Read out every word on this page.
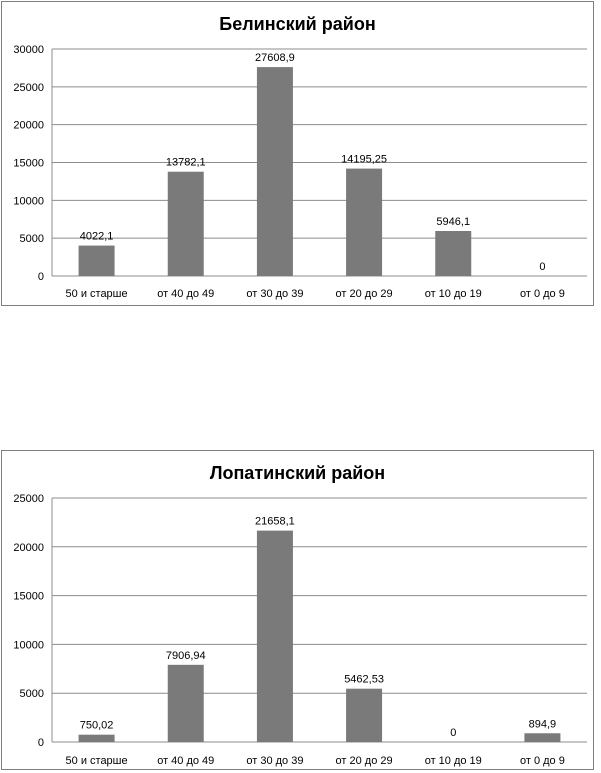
Белинский район
0
5000
10000
15000
20000
25000
30000
4022,1
50 и старше
13782,1
от 40 до 49
27608,9
от 30 до 39
14195,25
от 20 до 29
5946,1
от 10 до 19
0
от 0 до 9
Лопатинский район
0
5000
10000
15000
20000
25000
750,02
50 и старше
7906,94
от 40 до 49
21658,1
от 30 до 39
5462,53
от 20 до 29
0
от 10 до 19
894,9
от 0 до 9
